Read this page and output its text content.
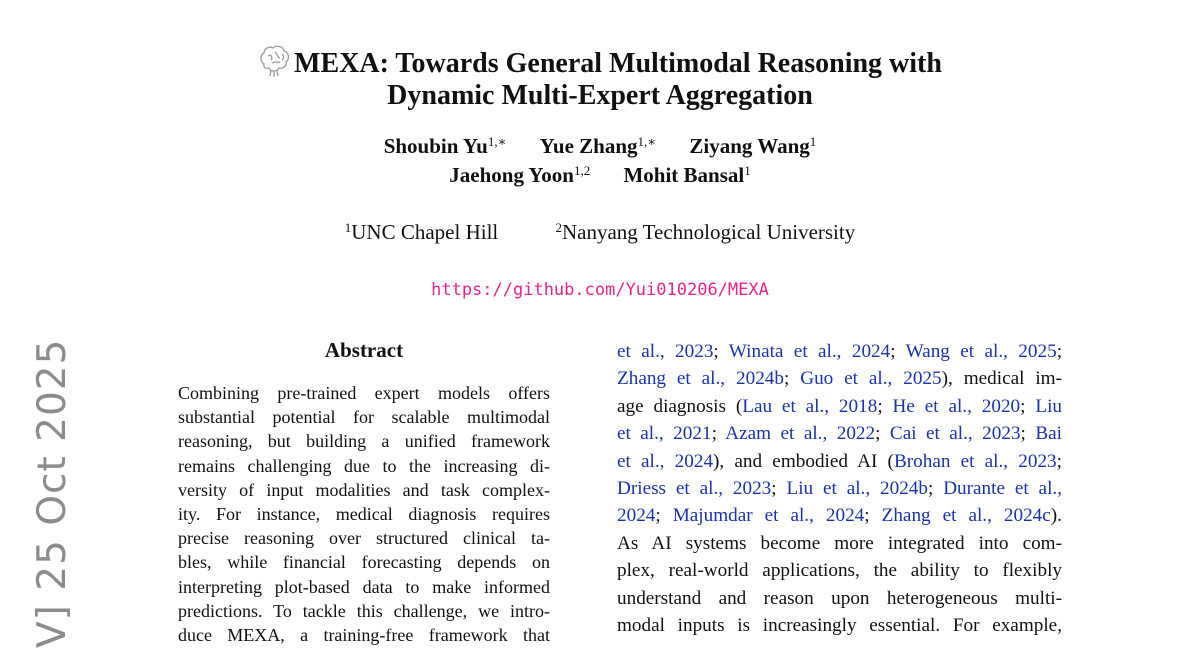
V] 25 Oct 2025
MEXA: Towards General Multimodal Reasoning with
Dynamic Multi-Expert Aggregation
Shoubin $Yu^{1,∗}$ Yue Zhang$^{1,∗}$ Ziyang Wang$^1$
Jaehong Yoon$^{1,2}$ Mohit Bansal$^1$
$^1$UNC Chapel Hill	$^2$Nanyang Technological University
https://github.com/Yui010206/MEXA
Abstract
Combining pre-trained expert models offers
substantial potential for scalable multimodal
reasoning, but building a unified framework
remains challenging due to the increasing di-
versity of input modalities and task complex-
ity. For instance, medical diagnosis requires
precise reasoning over structured clinical ta-
bles, while financial forecasting depends on
interpreting plot-based data to make informed
predictions. To tackle this challenge, we intro-
duce MEXA, a training-free framework that
et al., 2023; Winata et al., 2024; Wang et al., 2025;
Zhang et al., 2024b; Guo et al., 2025), medical im-
age diagnosis (Lau et al., 2018; He et al., 2020; Liu
et al., 2021; Azam et al., 2022; Cai et al., 2023; Bai
et al., 2024), and embodied AI (Brohan et al., 2023;
Driess et al., 2023; Liu et al., 2024b; Durante et al.,
2024; Majumdar et al., 2024; Zhang et al., 2024c).
As AI systems become more integrated into com-
plex, real-world applications, the ability to flexibly
understand and reason upon heterogeneous multi-
modal inputs is increasingly essential. For example,
